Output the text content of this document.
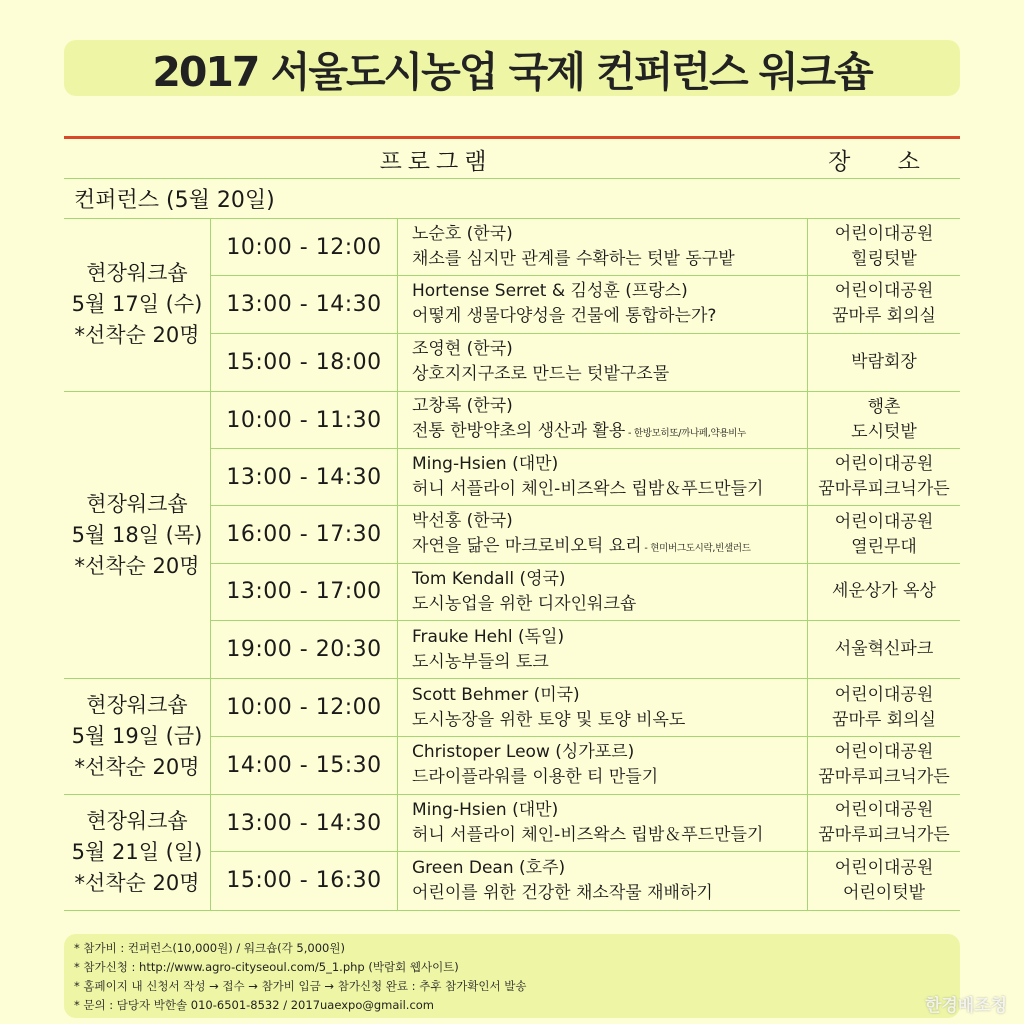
2017 서울도시농업 국제 컨퍼런스 워크숍
프로그램	장 소
컨퍼런스 (5월 20일)
현장워크숍
5월 17일 (수)
*선착순 20명
10:00 - 12:00
노순호 (한국)
채소를 심지만 관계를 수확하는 텃밭 동구밭
어린이대공원
힐링텃밭
13:00 - 14:30
Hortense Serret & 김성훈 (프랑스)
어떻게 생물다양성을 건물에 통합하는가?
어린이대공원
꿈마루 회의실
15:00 - 18:00
조영현 (한국)
상호지지구조로 만드는 텃밭구조물
박람회장
현장워크숍
5월 18일 (목)
*선착순 20명
10:00 - 11:30
고창록 (한국)
전통 한방약초의 생산과 활용 - 한방모히또/까나페,약용비누
행촌
도시텃밭
13:00 - 14:30
Ming-Hsien (대만)
허니 서플라이 체인-비즈왁스 립밤＆푸드만들기
어린이대공원
꿈마루피크닉가든
16:00 - 17:30
박선홍 (한국)
자연을 닮은 마크로비오틱 요리 - 현미버그도시락,빈샐러드
어린이대공원
열린무대
13:00 - 17:00
Tom Kendall (영국)
도시농업을 위한 디자인워크숍
세운상가 옥상
19:00 - 20:30
Frauke Hehl (독일)
도시농부들의 토크
서울혁신파크
현장워크숍
5월 19일 (금)
*선착순 20명
10:00 - 12:00
Scott Behmer (미국)
도시농장을 위한 토양 및 토양 비옥도
어린이대공원
꿈마루 회의실
14:00 - 15:30
Christoper Leow (싱가포르)
드라이플라워를 이용한 티 만들기
어린이대공원
꿈마루피크닉가든
현장워크숍
5월 21일 (일)
*선착순 20명
13:00 - 14:30
Ming-Hsien (대만)
허니 서플라이 체인-비즈왁스 립밤＆푸드만들기
어린이대공원
꿈마루피크닉가든
15:00 - 16:30
Green Dean (호주)
어린이를 위한 건강한 채소작물 재배하기
어린이대공원
어린이텃밭
* 참가비 : 컨퍼런스(10,000원) / 워크숍(각 5,000원)
* 참가신청 : http://www.agro-cityseoul.com/5_1.php (박람회 웹사이트)
* 홈페이지 내 신청서 작성 → 접수 → 참가비 입금 → 참가신청 완료 : 추후 참가확인서 발송
* 문의 : 담당자 박한솔 010-6501-8532 / 2017uaexpo@gmail.com	한경배조청
